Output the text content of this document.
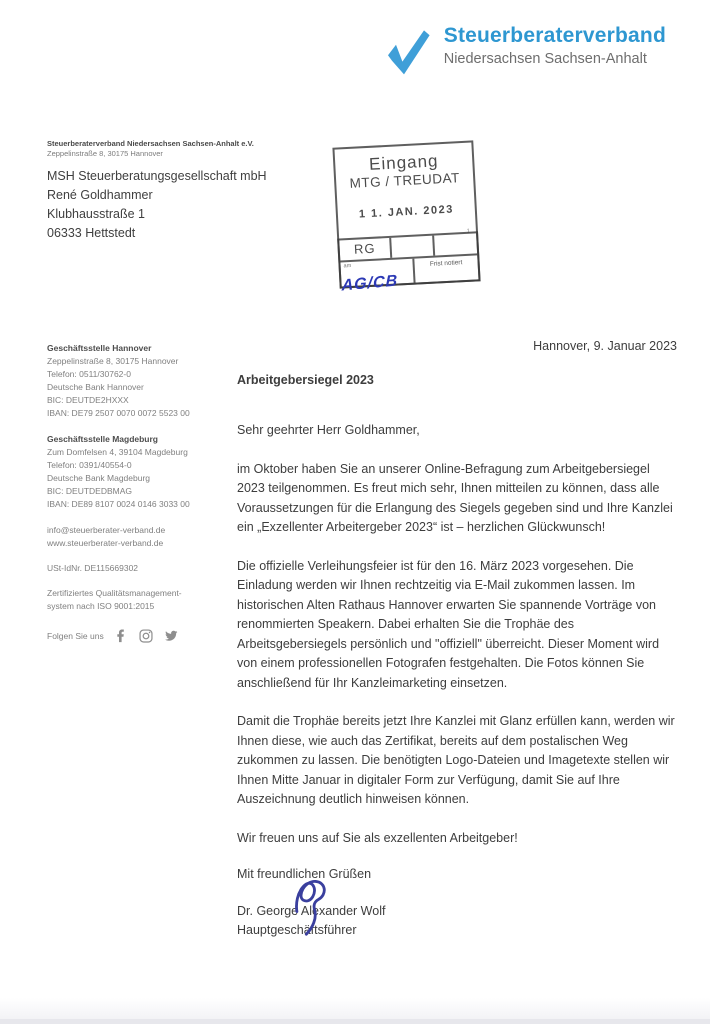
Steuerberaterverband
Niedersachsen Sachsen-Anhalt
Steuerberaterverband Niedersachsen Sachsen-Anhalt e.V.
Zeppelinstraße 8, 30175 Hannover
MSH Steuerberatungsgesellschaft mbH
René Goldhammer
Klubhausstraße 1
06333 Hettstedt
Eingang
MTG / TREUDAT
1 1. JAN. 2023
1
RG
am
AG/CB
Frist notiert
Geschäftsstelle Hannover
Zeppelinstraße 8, 30175 Hannover
Telefon: 0511/30762-0
Deutsche Bank Hannover
BIC: DEUTDE2HXXX
IBAN: DE79 2507 0070 0072 5523 00
Geschäftsstelle Magdeburg
Zum Domfelsen 4, 39104 Magdeburg
Telefon: 0391/40554-0
Deutsche Bank Magdeburg
BIC: DEUTDEDBMAG
IBAN: DE89 8107 0024 0146 3033 00
info@steuerberater-verband.de
www.steuerberater-verband.de
USt-IdNr. DE115669302
Zertifiziertes Qualitätsmanagement-
system nach ISO 9001:2015
Folgen Sie uns
Hannover, 9. Januar 2023
Arbeitgebersiegel 2023
Sehr geehrter Herr Goldhammer,
im Oktober haben Sie an unserer Online-Befragung zum Arbeitgebersiegel 2023 teilgenommen. Es freut mich sehr, Ihnen mitteilen zu können, dass alle Voraussetzungen für die Erlangung des Siegels gegeben sind und Ihre Kanzlei ein „Exzellenter Arbeitergeber 2023“ ist – herzlichen Glückwunsch!
Die offizielle Verleihungsfeier ist für den 16. März 2023 vorgesehen. Die Einladung werden wir Ihnen rechtzeitig via E-Mail zukommen lassen. Im historischen Alten Rathaus Hannover erwarten Sie spannende Vorträge von renommierten Speakern. Dabei erhalten Sie die Trophäe des Arbeitsgebersiegels persönlich und "offiziell" überreicht. Dieser Moment wird von einem professionellen Fotografen festgehalten. Die Fotos können Sie anschließend für Ihr Kanzleimarketing einsetzen.
Damit die Trophäe bereits jetzt Ihre Kanzlei mit Glanz erfüllen kann, werden wir Ihnen diese, wie auch das Zertifikat, bereits auf dem postalischen Weg zukommen zu lassen. Die benötigten Logo-Dateien und Imagetexte stellen wir Ihnen Mitte Januar in digitaler Form zur Verfügung, damit Sie auf Ihre Auszeichnung deutlich hinweisen können.
Wir freuen uns auf Sie als exzellenten Arbeitgeber!
Mit freundlichen Grüßen
Dr. George Alexander Wolf
Hauptgeschäftsführer
